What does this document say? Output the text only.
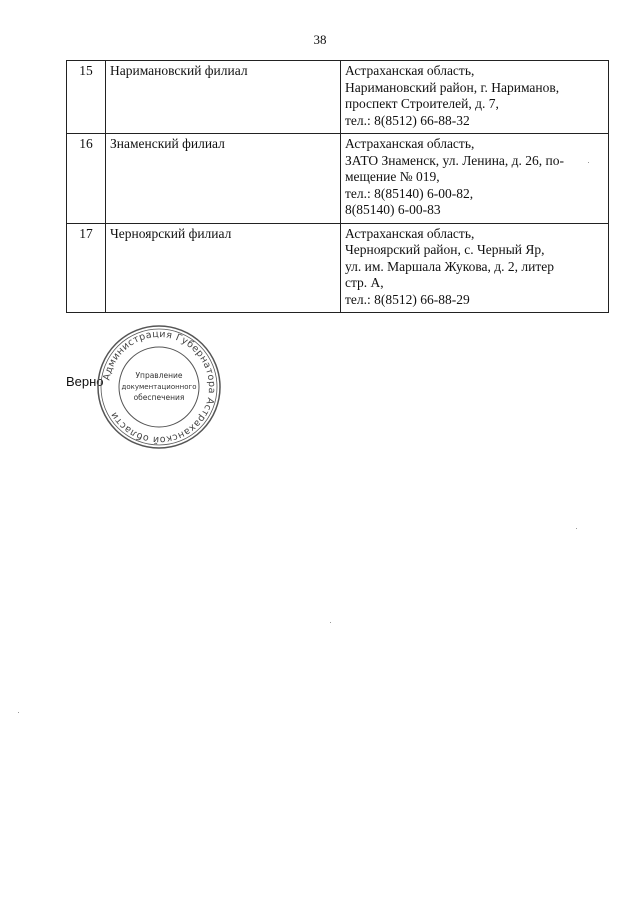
38
15	Наримановский филиал	Астраханская область,
Наримановский район, г. Нариманов,
проспект Строителей, д. 7,
тел.: 8(8512) 66-88-32

16	Знаменский филиал	Астраханская область,
ЗАТО Знаменск, ул. Ленина, д. 26, по-
мещение № 019,
тел.: 8(85140) 6-00-82,
8(85140) 6-00-83

17	Черноярский филиал	Астраханская область,
Черноярский район, с. Черный Яр,
ул. им. Маршала Жукова, д. 2, литер
стр. А,
тел.: 8(8512) 66-88-29
Верно
Администрация Губернатора Астраханской области
Управление
документационного
обеспечения
